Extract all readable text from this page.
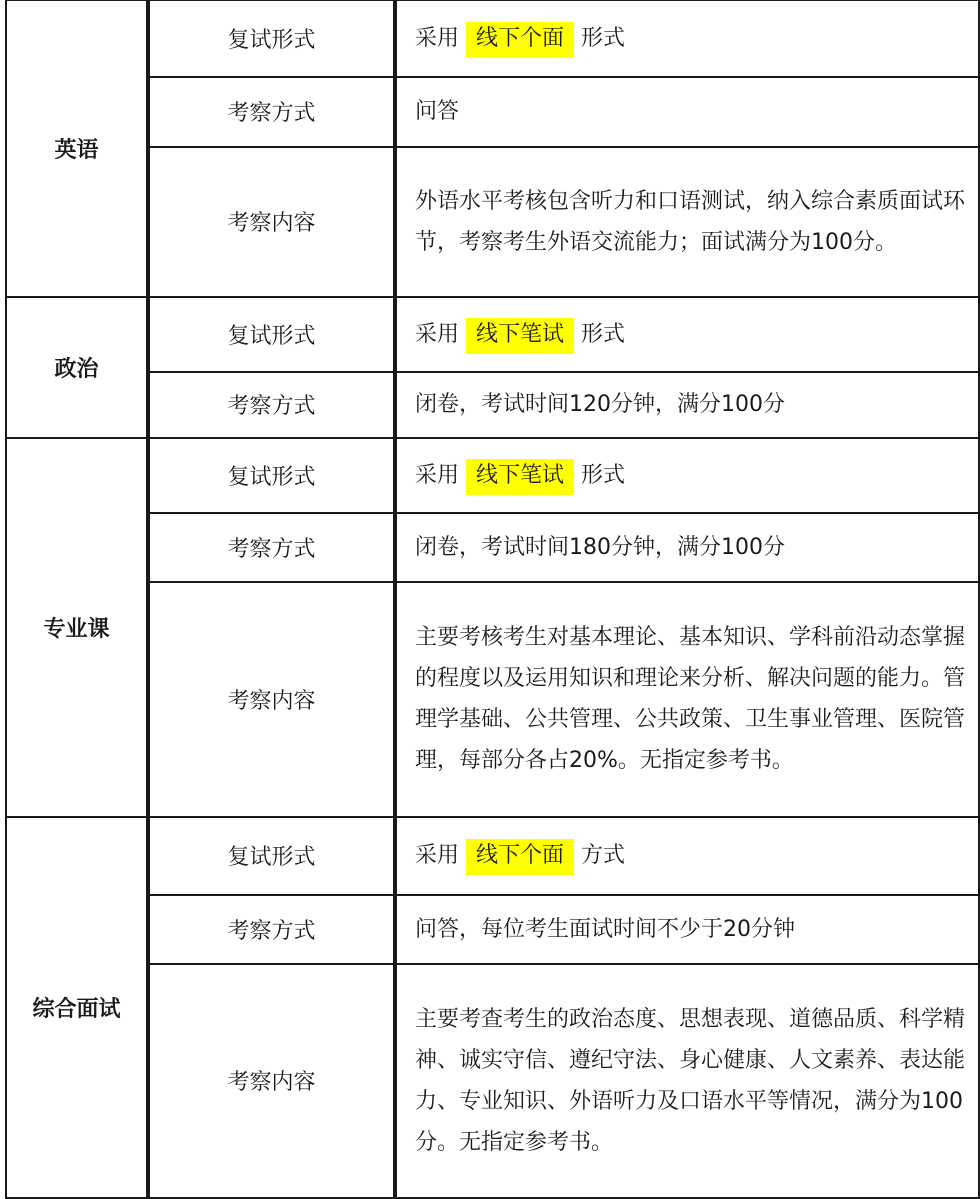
英语	复试形式	采用 线下个面 形式
	考察方式	问答
	考察内容	外语水平考核包含听力和口语测试，纳入综合素质面试环节，考察考生外语交流能力；面试满分为100分。
政治	复试形式	采用 线下笔试 形式
	考察方式	闭卷，考试时间120分钟，满分100分
专业课	复试形式	采用 线下笔试 形式
	考察方式	闭卷，考试时间180分钟，满分100分
	考察内容	主要考核考生对基本理论、基本知识、学科前沿动态掌握的程度以及运用知识和理论来分析、解决问题的能力。管理学基础、公共管理、公共政策、卫生事业管理、医院管理，每部分各占20%。无指定参考书。
综合面试	复试形式	采用 线下个面 方式
	考察方式	问答，每位考生面试时间不少于20分钟
	考察内容	主要考查考生的政治态度、思想表现、道德品质、科学精神、诚实守信、遵纪守法、身心健康、人文素养、表达能力、专业知识、外语听力及口语水平等情况，满分为100分。无指定参考书。
